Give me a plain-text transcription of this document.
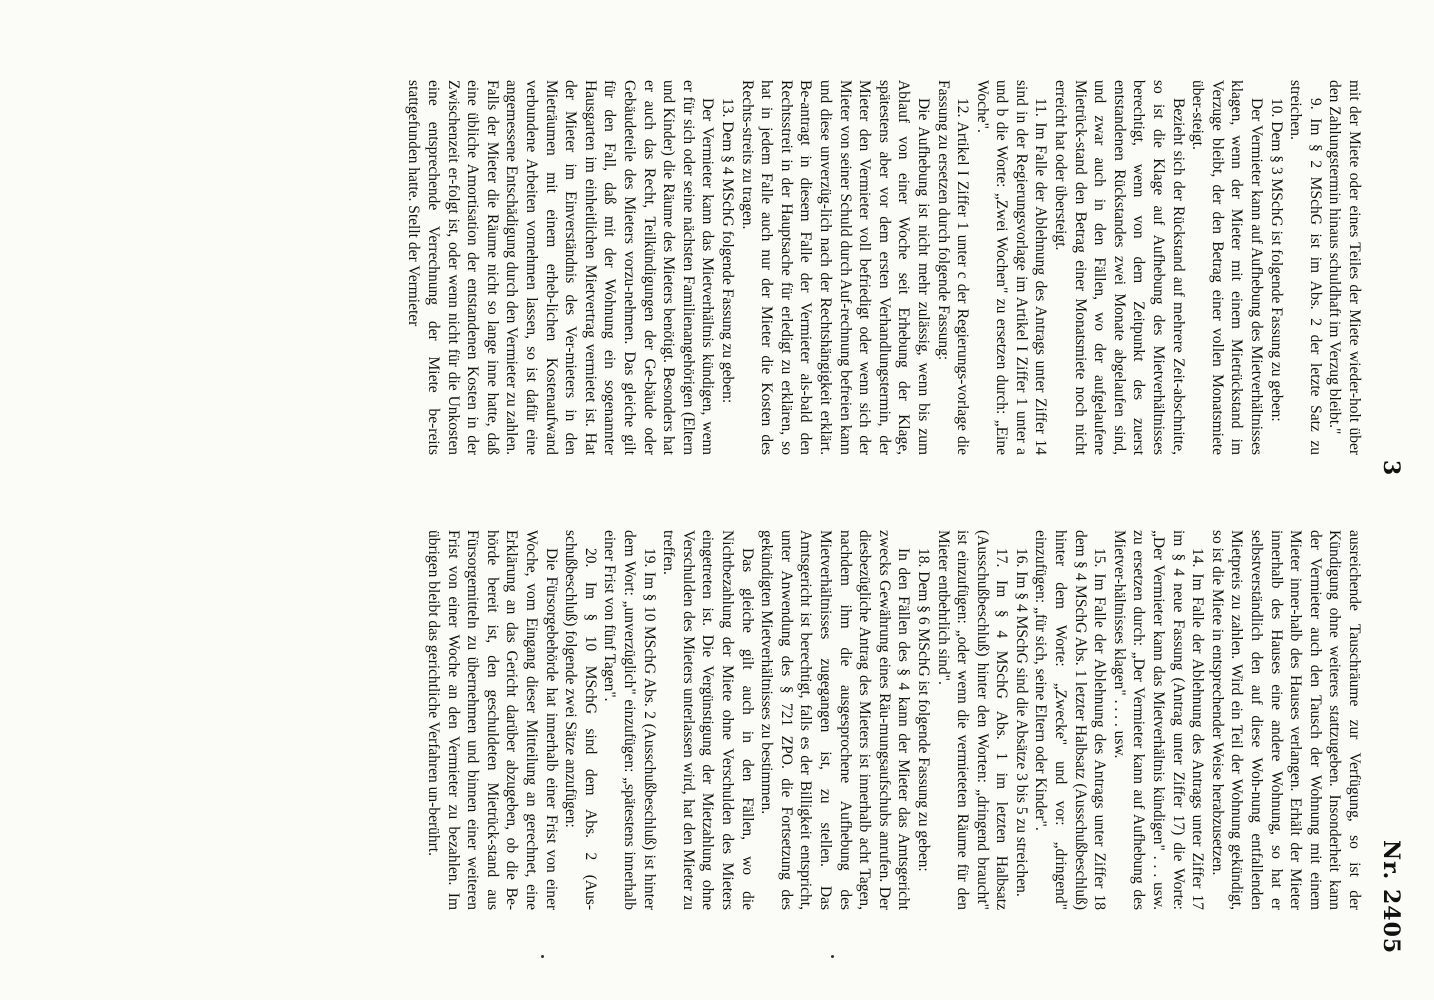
3
Nr. 2405

mit der Miete oder eines Teiles der Miete wieder-holt über den Zahlungstermin hinaus schuldhaft im Verzug bleibt."

9. Im § 2 MSchG ist im Abs. 2 der letzte Satz zu streichen.

10. Dem § 3 MSchG ist folgende Fassung zu geben:

Der Vermieter kann auf Aufhebung des Mietverhältnisses klagen, wenn der Mieter mit einem Mietrückstand im Verzuge bleibt, der den Betrag einer vollen Monatsmiete über-steigt.

Bezieht sich der Rückstand auf mehrere Zeit-abschnitte, so ist die Klage auf Aufhebung des Mietverhältnisses berechtigt, wenn von dem Zeitpunkt des zuerst entstandenen Rückstandes zwei Monate abgelaufen sind, und zwar auch in den Fällen, wo der aufgelaufene Mietrück-stand den Betrag einer Monatsmiete noch nicht erreicht hat oder übersteigt.

11. Im Falle der Ablehnung des Antrags unter Ziffer 14 sind in der Regierungsvorlage im Artikel I Ziffer 1 unter a und b die Worte: „Zwei Wochen" zu ersetzen durch: „Eine Woche".

12. Artikel I Ziffer 1 unter c der Regierungs-vorlage die Fassung zu ersetzen durch folgende Fassung:

Die Aufhebung ist nicht mehr zulässig, wenn bis zum Ablauf von einer Woche seit Erhebung der Klage, spätestens aber vor dem ersten Verhandlungstermin, der Mieter den Vermieter voll befriedigt oder wenn sich der Mieter von seiner Schuld durch Auf-rechnung befreien kann und diese unverzüg-lich nach der Rechtshängigkeit erklärt. Be-antragt in diesem Falle der Vermieter als-bald den Rechtsstreit in der Hauptsache für erledigt zu erklären, so hat in jedem Falle auch nur der Mieter die Kosten des Rechts-streits zu tragen.

13. Dem § 4 MSchG folgende Fassung zu geben:

Der Vermieter kann das Mietverhältnis kündigen, wenn er für sich oder seine nächsten Familienangehörigen (Eltern und Kinder) die Räume des Mieters benötigt. Besonders hat er auch das Recht, Teilkündigungen der Ge-bäude oder Gebäudeteile des Mieters vorzu-nehmen. Das gleiche gilt für den Fall, daß mit der Wohnung ein sogenannter Hausgarten im einheitlichen Mietvertrag vermietet ist. Hat der Mieter im Einverständnis des Ver-mieters in den Mieträumen mit einem erheb-lichen Kostenaufwand verbundene Arbeiten vornehmen lassen, so ist dafür eine angemessene Entschädigung durch den Vermieter zu zahlen. Falls der Mieter die Räume nicht so lange inne hatte, daß eine übliche Amortisation der entstandenen Kosten in der Zwischenzeit er-folgt ist, oder wenn nicht für die Unkosten eine entsprechende Verrechnung der Miete be-reits stattgefunden hatte. Stellt der Vermieter

ausreichende Tauschräume zur Verfügung, so ist der Kündigung ohne weiteres stattzugeben. Insonderheit kann der Vermieter auch den Tausch der Wohnung mit einem Mieter inner-halb des Hauses verlangen. Erhält der Mieter innerhalb des Hauses eine andere Wohnung, so hat er selbstverständlich den auf diese Woh-nung entfallenden Mietpreis zu zahlen. Wird ein Teil der Wohnung gekündigt, so ist die Miete in entsprechender Weise herabzusetzen.

14. Im Falle der Ablehnung des Antrags unter Ziffer 17 im § 4 neue Fassung (Antrag unter Ziffer 17) die Worte: „Der Vermieter kann das Mietverhältnis kündigen" . . . usw. zu ersetzen durch: „Der Vermieter kann auf Aufhebung des Mietver-hältnisses klagen" . . . . usw.

15. Im Falle der Ablehnung des Antrags unter Ziffer 18 dem § 4 MSchG Abs. 1 letzter Halbsatz (Ausschußbeschluß) hinter dem Worte: „Zwecke" und vor: „dringend" einzufügen: „für sich, seine Eltern oder Kinder".

16. Im § 4 MSchG sind die Absätze 3 bis 5 zu streichen.

17. Im § 4 MSchG Abs. 1 im letzten Halbsatz (Ausschußbeschluß) hinter den Worten: „dringend braucht" ist einzufügen: „oder wenn die vermieteten Räume für den Mieter entbehrlich sind".

18. Dem § 6 MSchG ist folgende Fassung zu geben:

In den Fällen des § 4 kann der Mieter das Amtsgericht zwecks Gewährung eines Räu-mungsaufschubs anrufen. Der diesbezügliche Antrag des Mieters ist innerhalb acht Tagen, nachdem ihm die ausgesprochene Aufhebung des Mietverhältnisses zugegangen ist, zu stellen. Das Amtsgericht ist berechtigt, falls es der Billigkeit entspricht, unter Anwendung des § 721 ZPO. die Fortsetzung des gekündigten Mietverhältnisses zu bestimmen.

Das gleiche gilt auch in den Fällen, wo die Nichtbezahlung der Miete ohne Verschulden des Mieters eingetreten ist. Die Vergünstigung der Mietzahlung ohne Verschulden des Mieters unterlassen wird, hat den Mieter zu treffen.

19. Im § 10 MSchG Abs. 2 (Ausschußbeschluß) ist hinter dem Wort: „unverzüglich" einzufügen: „spätestens innerhalb einer Frist von fünf Tagen".

20. Im § 10 MSchG sind dem Abs. 2 (Aus-schußbeschluß) folgende zwei Sätze anzufügen:

Die Fürsorgebehörde hat innerhalb einer Frist von einer Woche, vom Eingang dieser Mitteilung an gerechnet, eine Erklärung an das Gericht darüber abzugeben, ob die Be-hörde bereit ist, den geschuldeten Mietrück-stand aus Fürsorgemitteln zu übernehmen und binnen einer weiteren Frist von einer Woche an den Vermieter zu bezahlen. Im übrigen bleibt das gerichtliche Verfahren un-berührt.
